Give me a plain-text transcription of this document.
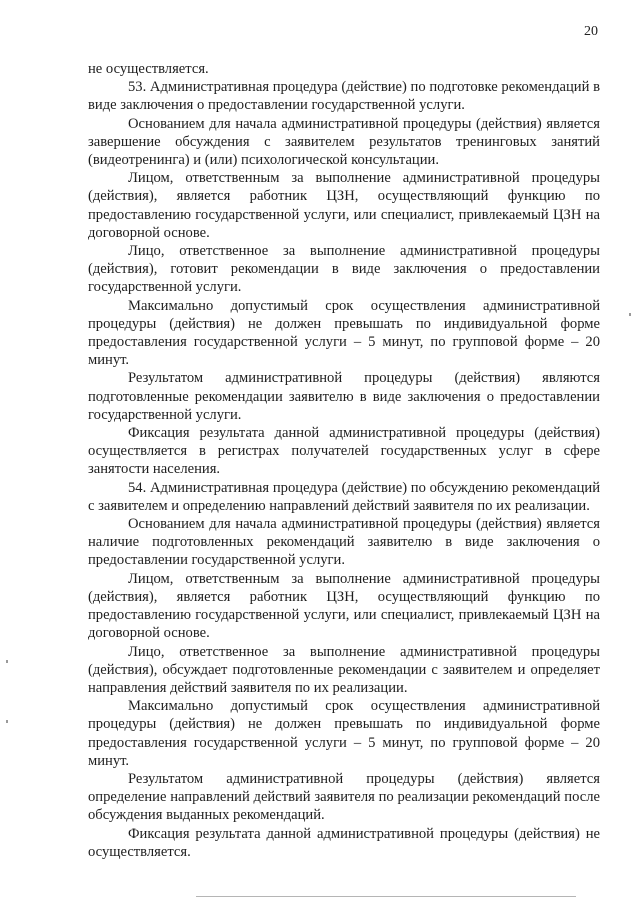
20

не осуществляется.

53. Административная процедура (действие) по подготовке рекомендаций в виде заключения о предоставлении государственной услуги.

Основанием для начала административной процедуры (действия) является завершение обсуждения с заявителем результатов тренинговых занятий (видеотренинга) и (или) психологической консультации.

Лицом, ответственным за выполнение административной процедуры (действия), является работник ЦЗН, осуществляющий функцию по предоставлению государственной услуги, или специалист, привлекаемый ЦЗН на договорной основе.

Лицо, ответственное за выполнение административной процедуры (действия), готовит рекомендации в виде заключения о предоставлении государственной услуги.

Максимально допустимый срок осуществления административной процедуры (действия) не должен превышать по индивидуальной форме предоставления государственной услуги – 5 минут, по групповой форме – 20 минут.

Результатом административной процедуры (действия) являются подготовленные рекомендации заявителю в виде заключения о предоставлении государственной услуги.

Фиксация результата данной административной процедуры (действия) осуществляется в регистрах получателей государственных услуг в сфере занятости населения.

54. Административная процедура (действие) по обсуждению рекомендаций с заявителем и определению направлений действий заявителя по их реализации.

Основанием для начала административной процедуры (действия) является наличие подготовленных рекомендаций заявителю в виде заключения о предоставлении государственной услуги.

Лицом, ответственным за выполнение административной процедуры (действия), является работник ЦЗН, осуществляющий функцию по предоставлению государственной услуги, или специалист, привлекаемый ЦЗН на договорной основе.

Лицо, ответственное за выполнение административной процедуры (действия), обсуждает подготовленные рекомендации с заявителем и определяет направления действий заявителя по их реализации.

Максимально допустимый срок осуществления административной процедуры (действия) не должен превышать по индивидуальной форме предоставления государственной услуги – 5 минут, по групповой форме – 20 минут.

Результатом административной процедуры (действия) является определение направлений действий заявителя по реализации рекомендаций после обсуждения выданных рекомендаций.

Фиксация результата данной административной процедуры (действия) не осуществляется.
